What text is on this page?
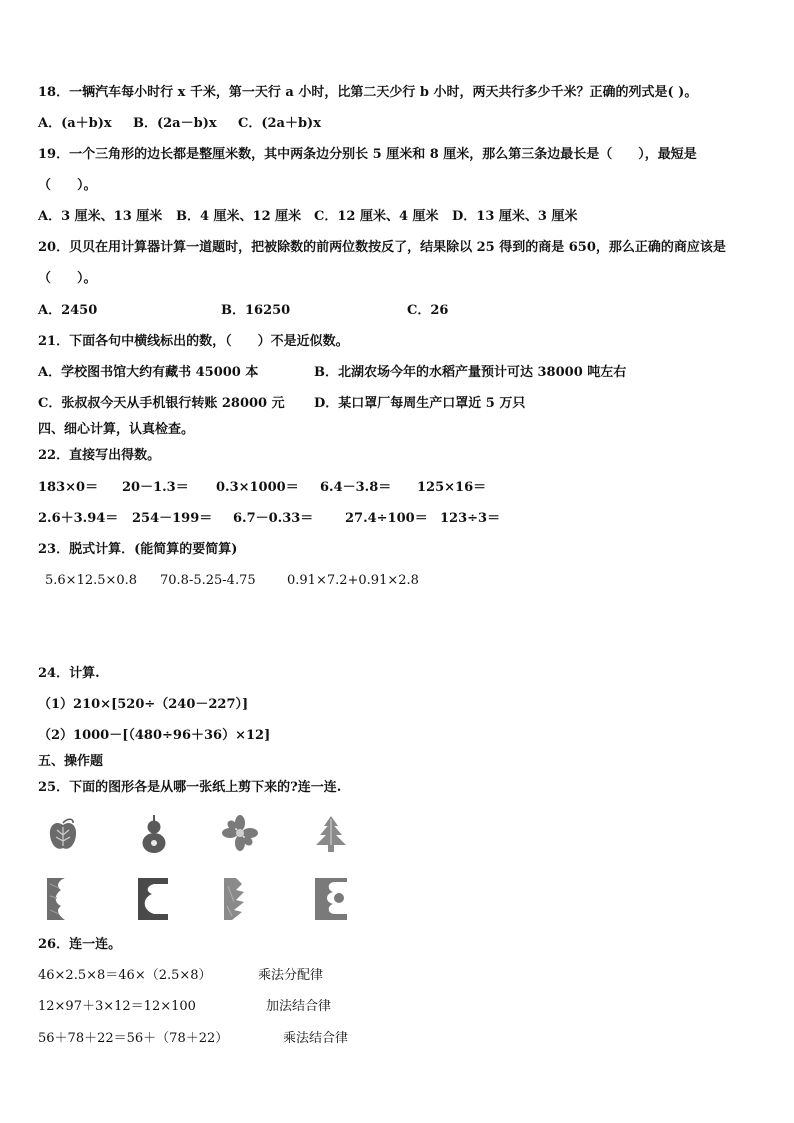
18．一辆汽车每小时行 x 千米，第一天行 a 小时，比第二天少行 b 小时，两天共行多少千米？正确的列式是( )。
A．(a＋b)x B．(2a－b)x C．(2a＋b)x
19．一个三角形的边长都是整厘米数，其中两条边分别长 5 厘米和 8 厘米，那么第三条边最长是（　　），最短是
（　　）。
A．3 厘米、13 厘米 B．4 厘米、12 厘米 C．12 厘米、4 厘米 D．13 厘米、3 厘米
20．贝贝在用计算器计算一道题时，把被除数的前两位数按反了，结果除以 25 得到的商是 650，那么正确的商应该是
（　　）。
A．2450	B．16250	C．26
21．下面各句中横线标出的数，（　　）不是近似数。
A．学校图书馆大约有藏书 45000 本	B．北湖农场今年的水稻产量预计可达 38000 吨左右
C．张叔叔今天从手机银行转账 28000 元 D．某口罩厂每周生产口罩近 5 万只
四、细心计算，认真检查。
22．直接写出得数。
183×0＝ 20－1.3＝ 0.3×1000＝ 6.4－3.8＝ 125×16＝
2.6＋3.94＝ 254－199＝ 6.7－0.33＝ 27.4÷100＝ 123÷3＝
23．脱式计算．(能简算的要简算)
5.6×12.5×0.8 70.8-5.25-4.75 0.91×7.2+0.91×2.8
24．计算.
（1）210×[520÷（240－227）]
（2）1000－[（480÷96＋36）×12]
五、操作题
25．下面的图形各是从哪一张纸上剪下来的?连一连.
26．连一连。
46×2.5×8＝46×（2.5×8）	乘法分配律
12×97＋3×12＝12×100	加法结合律
56＋78＋22＝56＋（78＋22）	乘法结合律
